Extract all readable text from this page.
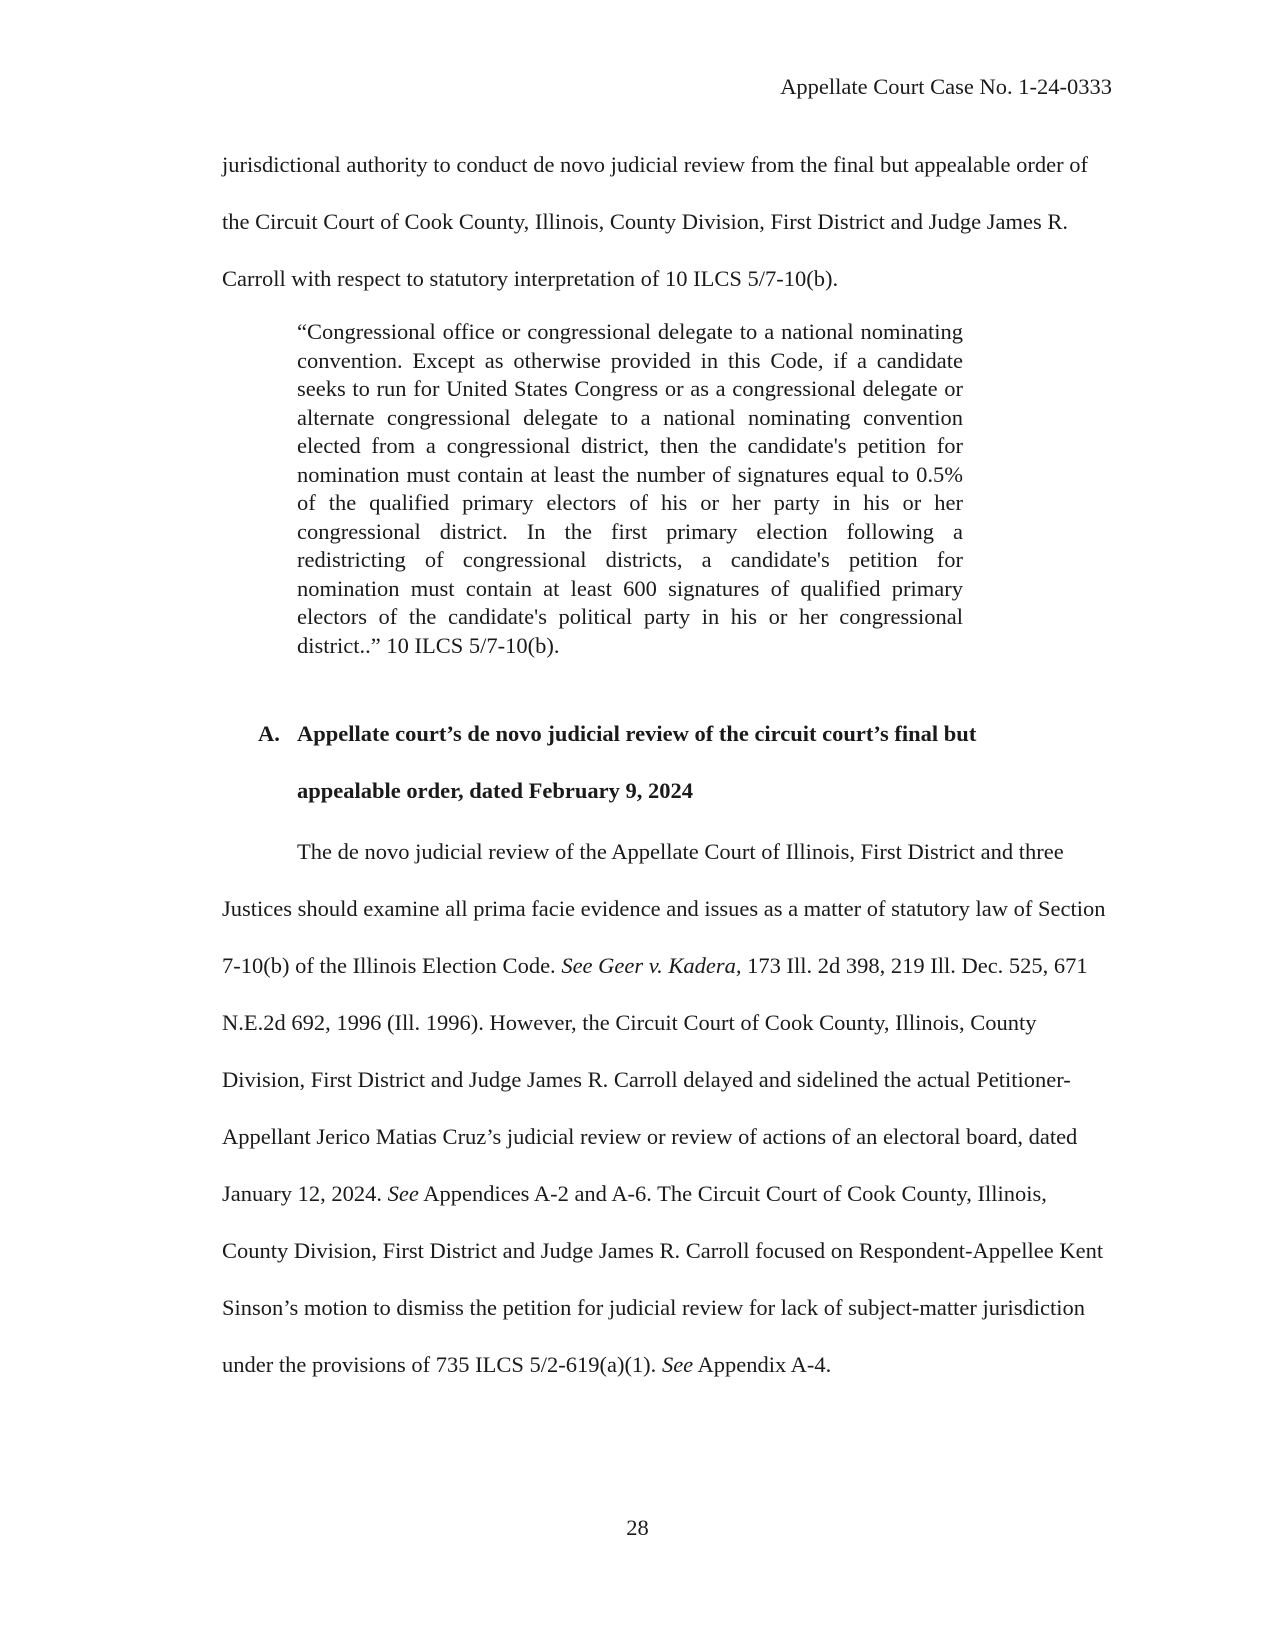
Appellate Court Case No. 1-24-0333

jurisdictional authority to conduct de novo judicial review from the final but appealable order of the Circuit Court of Cook County, Illinois, County Division, First District and Judge James R. Carroll with respect to statutory interpretation of 10 ILCS 5/7-10(b).

“Congressional office or congressional delegate to a national nominating convention. Except as otherwise provided in this Code, if a candidate seeks to run for United States Congress or as a congressional delegate or alternate congressional delegate to a national nominating convention elected from a congressional district, then the candidate's petition for nomination must contain at least the number of signatures equal to 0.5% of the qualified primary electors of his or her party in his or her congressional district. In the first primary election following a redistricting of congressional districts, a candidate's petition for nomination must contain at least 600 signatures of qualified primary electors of the candidate's political party in his or her congressional district..” 10 ILCS 5/7-10(b).

A. Appellate court’s de novo judicial review of the circuit court’s final but appealable order, dated February 9, 2024

The de novo judicial review of the Appellate Court of Illinois, First District and three Justices should examine all prima facie evidence and issues as a matter of statutory law of Section 7-10(b) of the Illinois Election Code. See Geer v. Kadera, 173 Ill. 2d 398, 219 Ill. Dec. 525, 671 N.E.2d 692, 1996 (Ill. 1996). However, the Circuit Court of Cook County, Illinois, County Division, First District and Judge James R. Carroll delayed and sidelined the actual Petitioner-Appellant Jerico Matias Cruz’s judicial review or review of actions of an electoral board, dated January 12, 2024. See Appendices A-2 and A-6. The Circuit Court of Cook County, Illinois, County Division, First District and Judge James R. Carroll focused on Respondent-Appellee Kent Sinson’s motion to dismiss the petition for judicial review for lack of subject-matter jurisdiction under the provisions of 735 ILCS 5/2-619(a)(1). See Appendix A-4.

28
